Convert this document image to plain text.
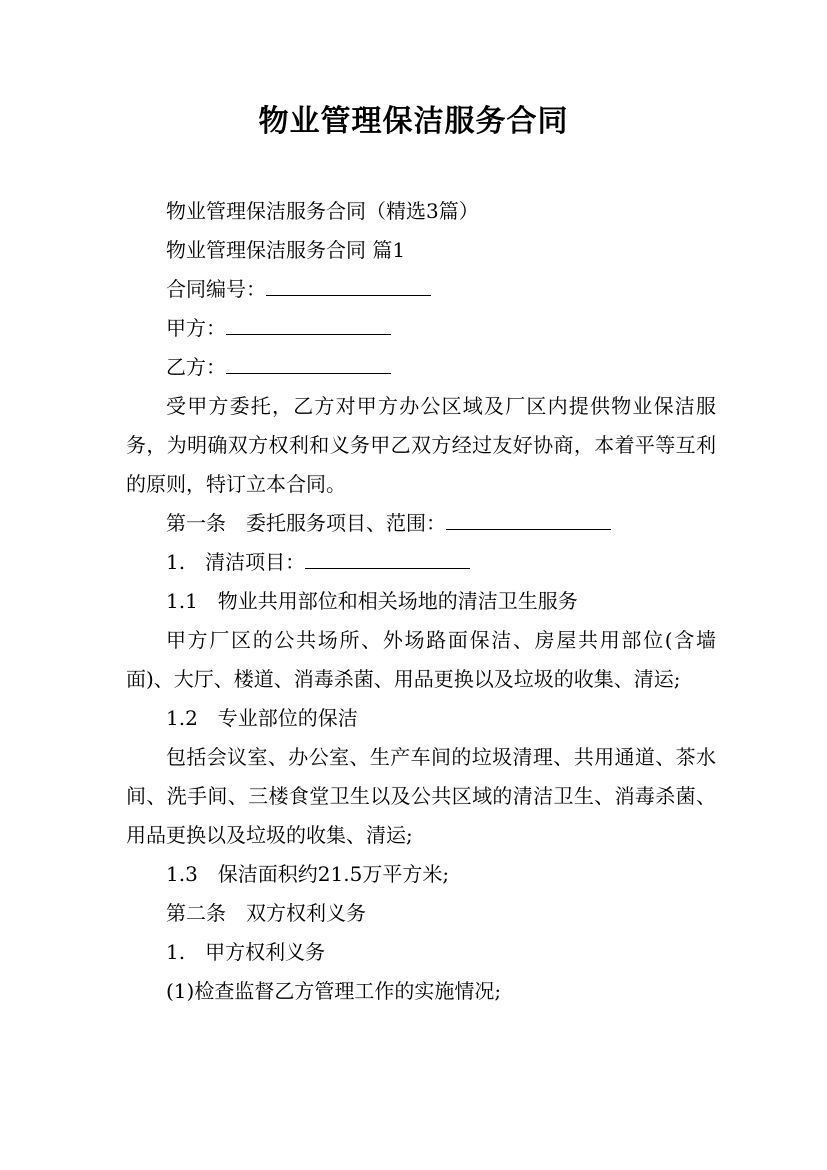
物业管理保洁服务合同

物业管理保洁服务合同（精选3篇）

物业管理保洁服务合同 篇1

合同编号：

甲方：

乙方：

受甲方委托，乙方对甲方办公区域及厂区内提供物业保洁服务，为明确双方权利和义务甲乙双方经过友好协商，本着平等互利的原则，特订立本合同。

第一条　委托服务项目、范围：

1.　清洁项目：

1.1　物业共用部位和相关场地的清洁卫生服务

甲方厂区的公共场所、外场路面保洁、房屋共用部位(含墙面)、大厅、楼道、消毒杀菌、用品更换以及垃圾的收集、清运;

1.2　专业部位的保洁

包括会议室、办公室、生产车间的垃圾清理、共用通道、茶水间、洗手间、三楼食堂卫生以及公共区域的清洁卫生、消毒杀菌、用品更换以及垃圾的收集、清运;

1.3　保洁面积约21.5万平方米;

第二条　双方权利义务

1.　甲方权利义务

(1)检查监督乙方管理工作的实施情况;
